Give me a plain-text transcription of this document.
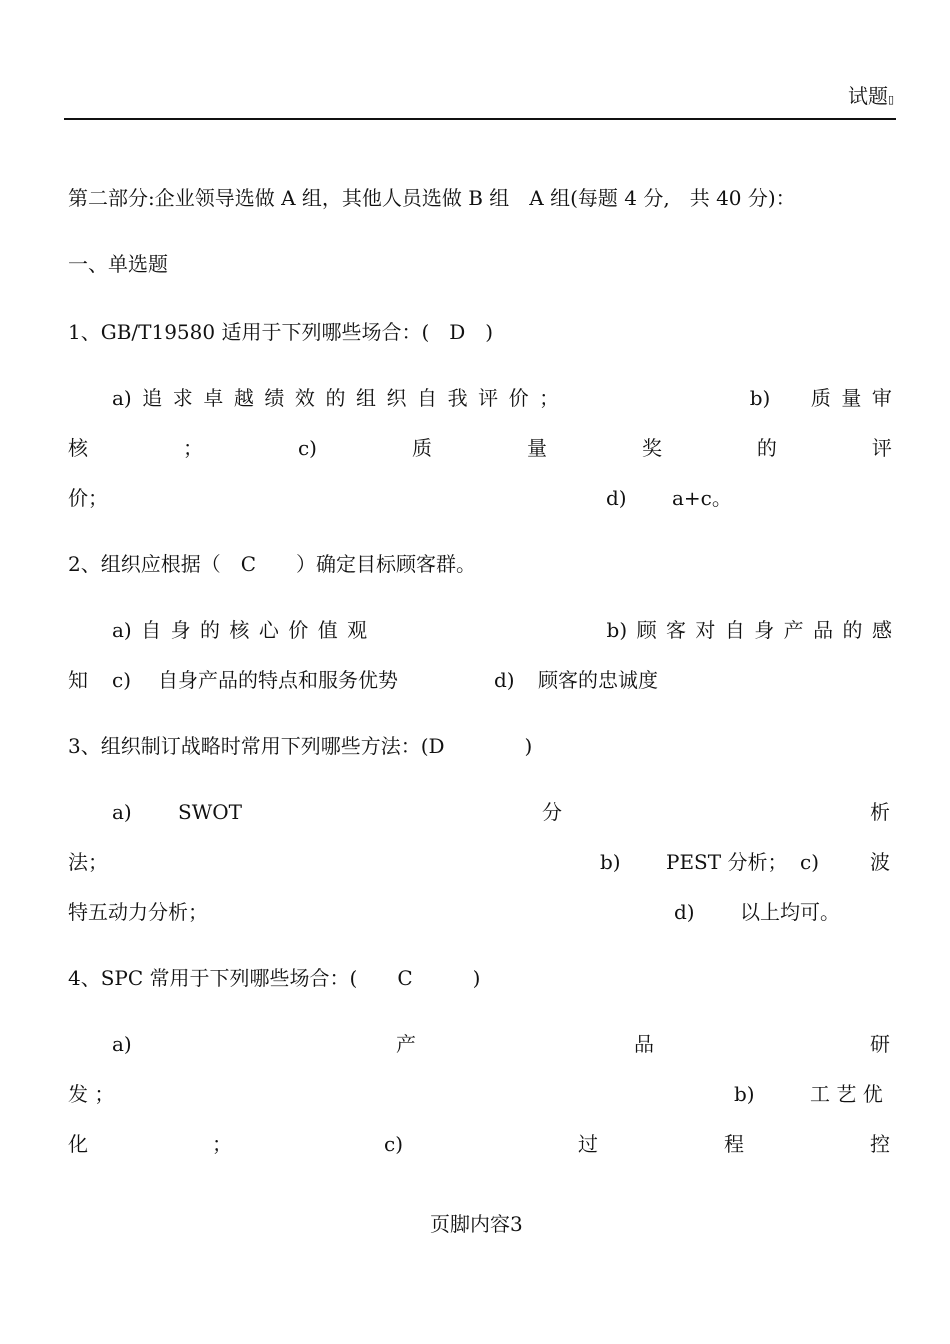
试题▯
第二部分:企业领导选做 A 组，其他人员选做 B 组　A 组(每题 4 分,　共 40 分)：
一、单选题
1、GB/T19580 适用于下列哪些场合：(　D　)
a) 追 求 卓 越 绩 效 的 组 织 自 我 评 价 ；	b) 质 量 审
核	；	c)	质	量	奖	的	评
价；	d) a+c。
2、组织应根据（　C　　）确定目标顾客群。
a) 自 身 的 核 心 价 值 观	b) 顾 客 对 自 身 产 品 的 感
知 c) 自身产品的特点和服务优势	d) 顾客的忠诚度
3、组织制订战略时常用下列哪些方法：(D　　　　)
a) SWOT	分	析
法；	b) PEST 分析； c)	波
特五动力分析；	d) 以上均可。
4、SPC 常用于下列哪些场合：(　　C　　　)
a)	产	品	研
发 ；	b)	工 艺 优
化	；	c)	过	程	控
页脚内容3
